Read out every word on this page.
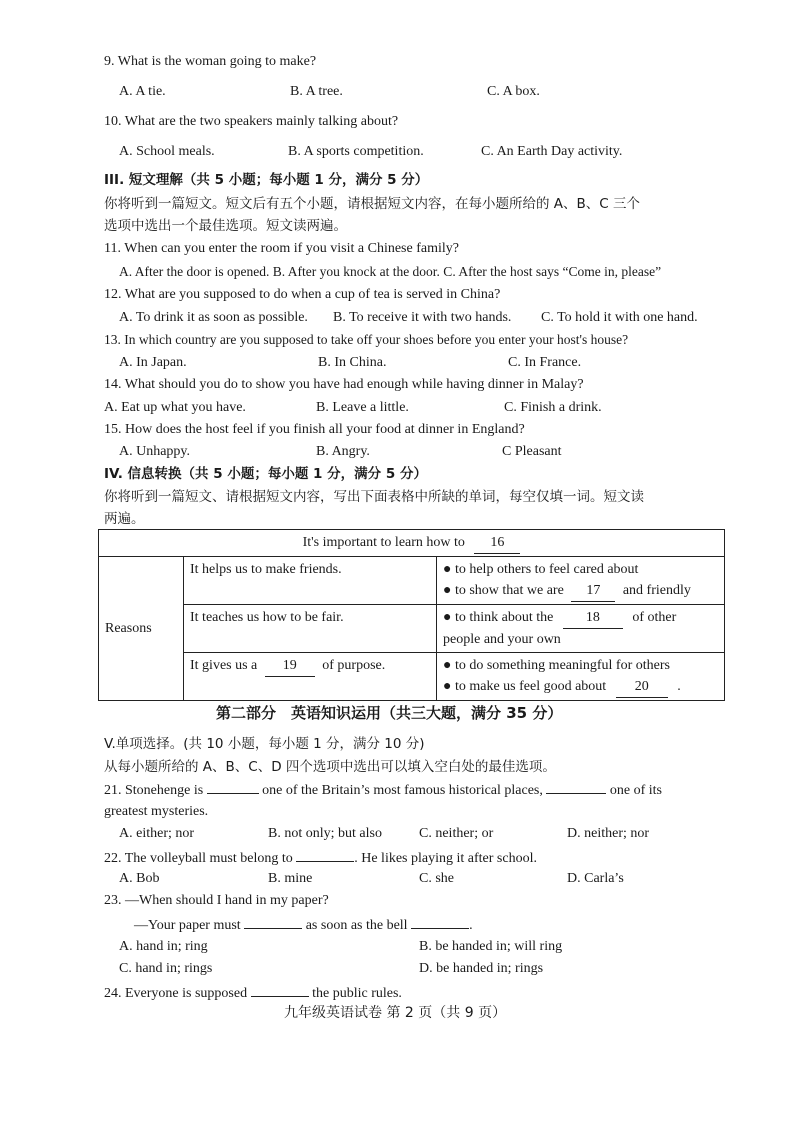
9. What is the woman going to make?
A. A tie.	B. A tree.	C. A box.
10. What are the two speakers mainly talking about?
A. School meals.	B. A sports competition.	C. An Earth Day activity.
III. 短文理解（共 5 小题；每小题 1 分，满分 5 分）
你将听到一篇短文。短文后有五个小题，请根据短文内容，在每小题所给的 A、B、C 三个
选项中选出一个最佳选项。短文读两遍。
11. When can you enter the room if you visit a Chinese family?
A. After the door is opened. B. After you knock at the door. C. After the host says “Come in, please”
12. What are you supposed to do when a cup of tea is served in China?
A. To drink it as soon as possible. B. To receive it with two hands. C. To hold it with one hand.
13. In which country are you supposed to take off your shoes before you enter your host's house?
A. In Japan.	B. In China.	C. In France.
14. What should you do to show you have had enough while having dinner in Malay?
A. Eat up what you have.	B. Leave a little.	C. Finish a drink.
15. How does the host feel if you finish all your food at dinner in England?
A. Unhappy.	B. Angry.	C Pleasant
IV. 信息转换（共 5 小题；每小题 1 分，满分 5 分）
你将听到一篇短文、请根据短文内容，写出下面表格中所缺的单词，每空仅填一词。短文读
两遍。
It's important to learn how to 16		
Reasons	It helps us to make friends.	● to help others to feel cared about
● to show that we are 17 and friendly

	It teaches us how to be fair.	● to think about the 18 of other
people and your own

	It gives us a 19 of purpose.	● to do something meaningful for others
● to make us feel good about 20 .
第二部分　英语知识运用（共三大题，满分 35 分）
V.单项选择。(共 10 小题，每小题 1 分，满分 10 分)
从每小题所给的 A、B、C、D 四个选项中选出可以填入空白处的最佳选项。
21. Stonehenge is	one of the Britain’s most famous historical places,	one of its
greatest mysteries.
A. either; nor	B. not only; but also	C. neither; or	D. neither; nor
22. The volleyball must belong to	. He likes playing it after school.
A. Bob	B. mine	C. she	D. Carla’s
23. —When should I hand in my paper?
—Your paper must	as soon as the bell	.
A. hand in; ring	B. be handed in; will ring
C. hand in; rings	D. be handed in; rings
24. Everyone is supposed	the public rules.
九年级英语试卷 第 2 页（共 9 页）
